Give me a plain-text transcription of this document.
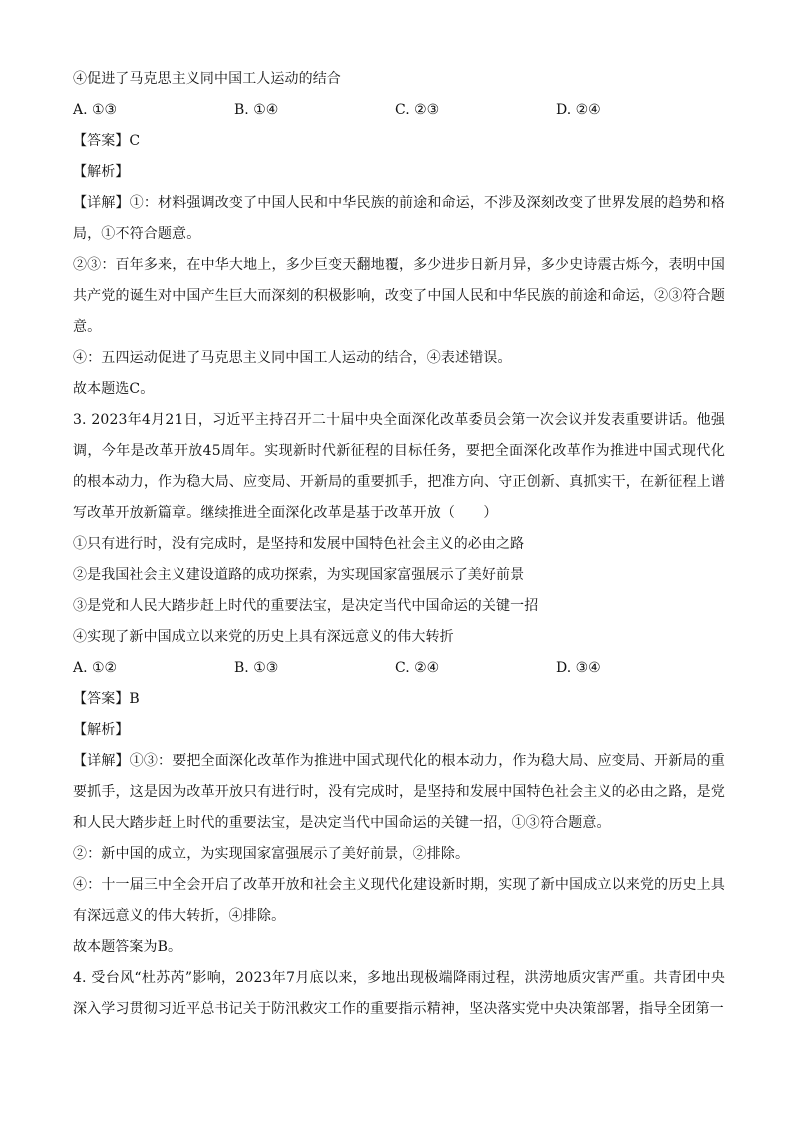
④促进了马克思主义同中国工人运动的结合
A. ①③	B. ①④	C. ②③	D. ②④
【答案】C
【解析】
【详解】①：材料强调改变了中国人民和中华民族的前途和命运，不涉及深刻改变了世界发展的趋势和格局，①不符合题意。
②③：百年多来，在中华大地上，多少巨变天翻地覆，多少进步日新月异，多少史诗震古烁今，表明中国共产党的诞生对中国产生巨大而深刻的积极影响，改变了中国人民和中华民族的前途和命运，②③符合题意。
④：五四运动促进了马克思主义同中国工人运动的结合，④表述错误。
故本题选C。
3. 2023年4月21日，习近平主持召开二十届中央全面深化改革委员会第一次会议并发表重要讲话。他强调，今年是改革开放45周年。实现新时代新征程的目标任务，要把全面深化改革作为推进中国式现代化的根本动力，作为稳大局、应变局、开新局的重要抓手，把准方向、守正创新、真抓实干，在新征程上谱写改革开放新篇章。继续推进全面深化改革是基于改革开放（　　）
①只有进行时，没有完成时，是坚持和发展中国特色社会主义的必由之路
②是我国社会主义建设道路的成功探索，为实现国家富强展示了美好前景
③是党和人民大踏步赶上时代的重要法宝，是决定当代中国命运的关键一招
④实现了新中国成立以来党的历史上具有深远意义的伟大转折
A. ①②	B. ①③	C. ②④	D. ③④
【答案】B
【解析】
【详解】①③：要把全面深化改革作为推进中国式现代化的根本动力，作为稳大局、应变局、开新局的重要抓手，这是因为改革开放只有进行时，没有完成时，是坚持和发展中国特色社会主义的必由之路，是党和人民大踏步赶上时代的重要法宝，是决定当代中国命运的关键一招，①③符合题意。
②：新中国的成立，为实现国家富强展示了美好前景，②排除。
④：十一届三中全会开启了改革开放和社会主义现代化建设新时期，实现了新中国成立以来党的历史上具有深远意义的伟大转折，④排除。
故本题答案为B。
4. 受台风“杜苏芮”影响，2023年7月底以来，多地出现极端降雨过程，洪涝地质灾害严重。共青团中央深入学习贯彻习近平总书记关于防汛救灾工作的重要指示精神，坚决落实党中央决策部署，指导全团第一
